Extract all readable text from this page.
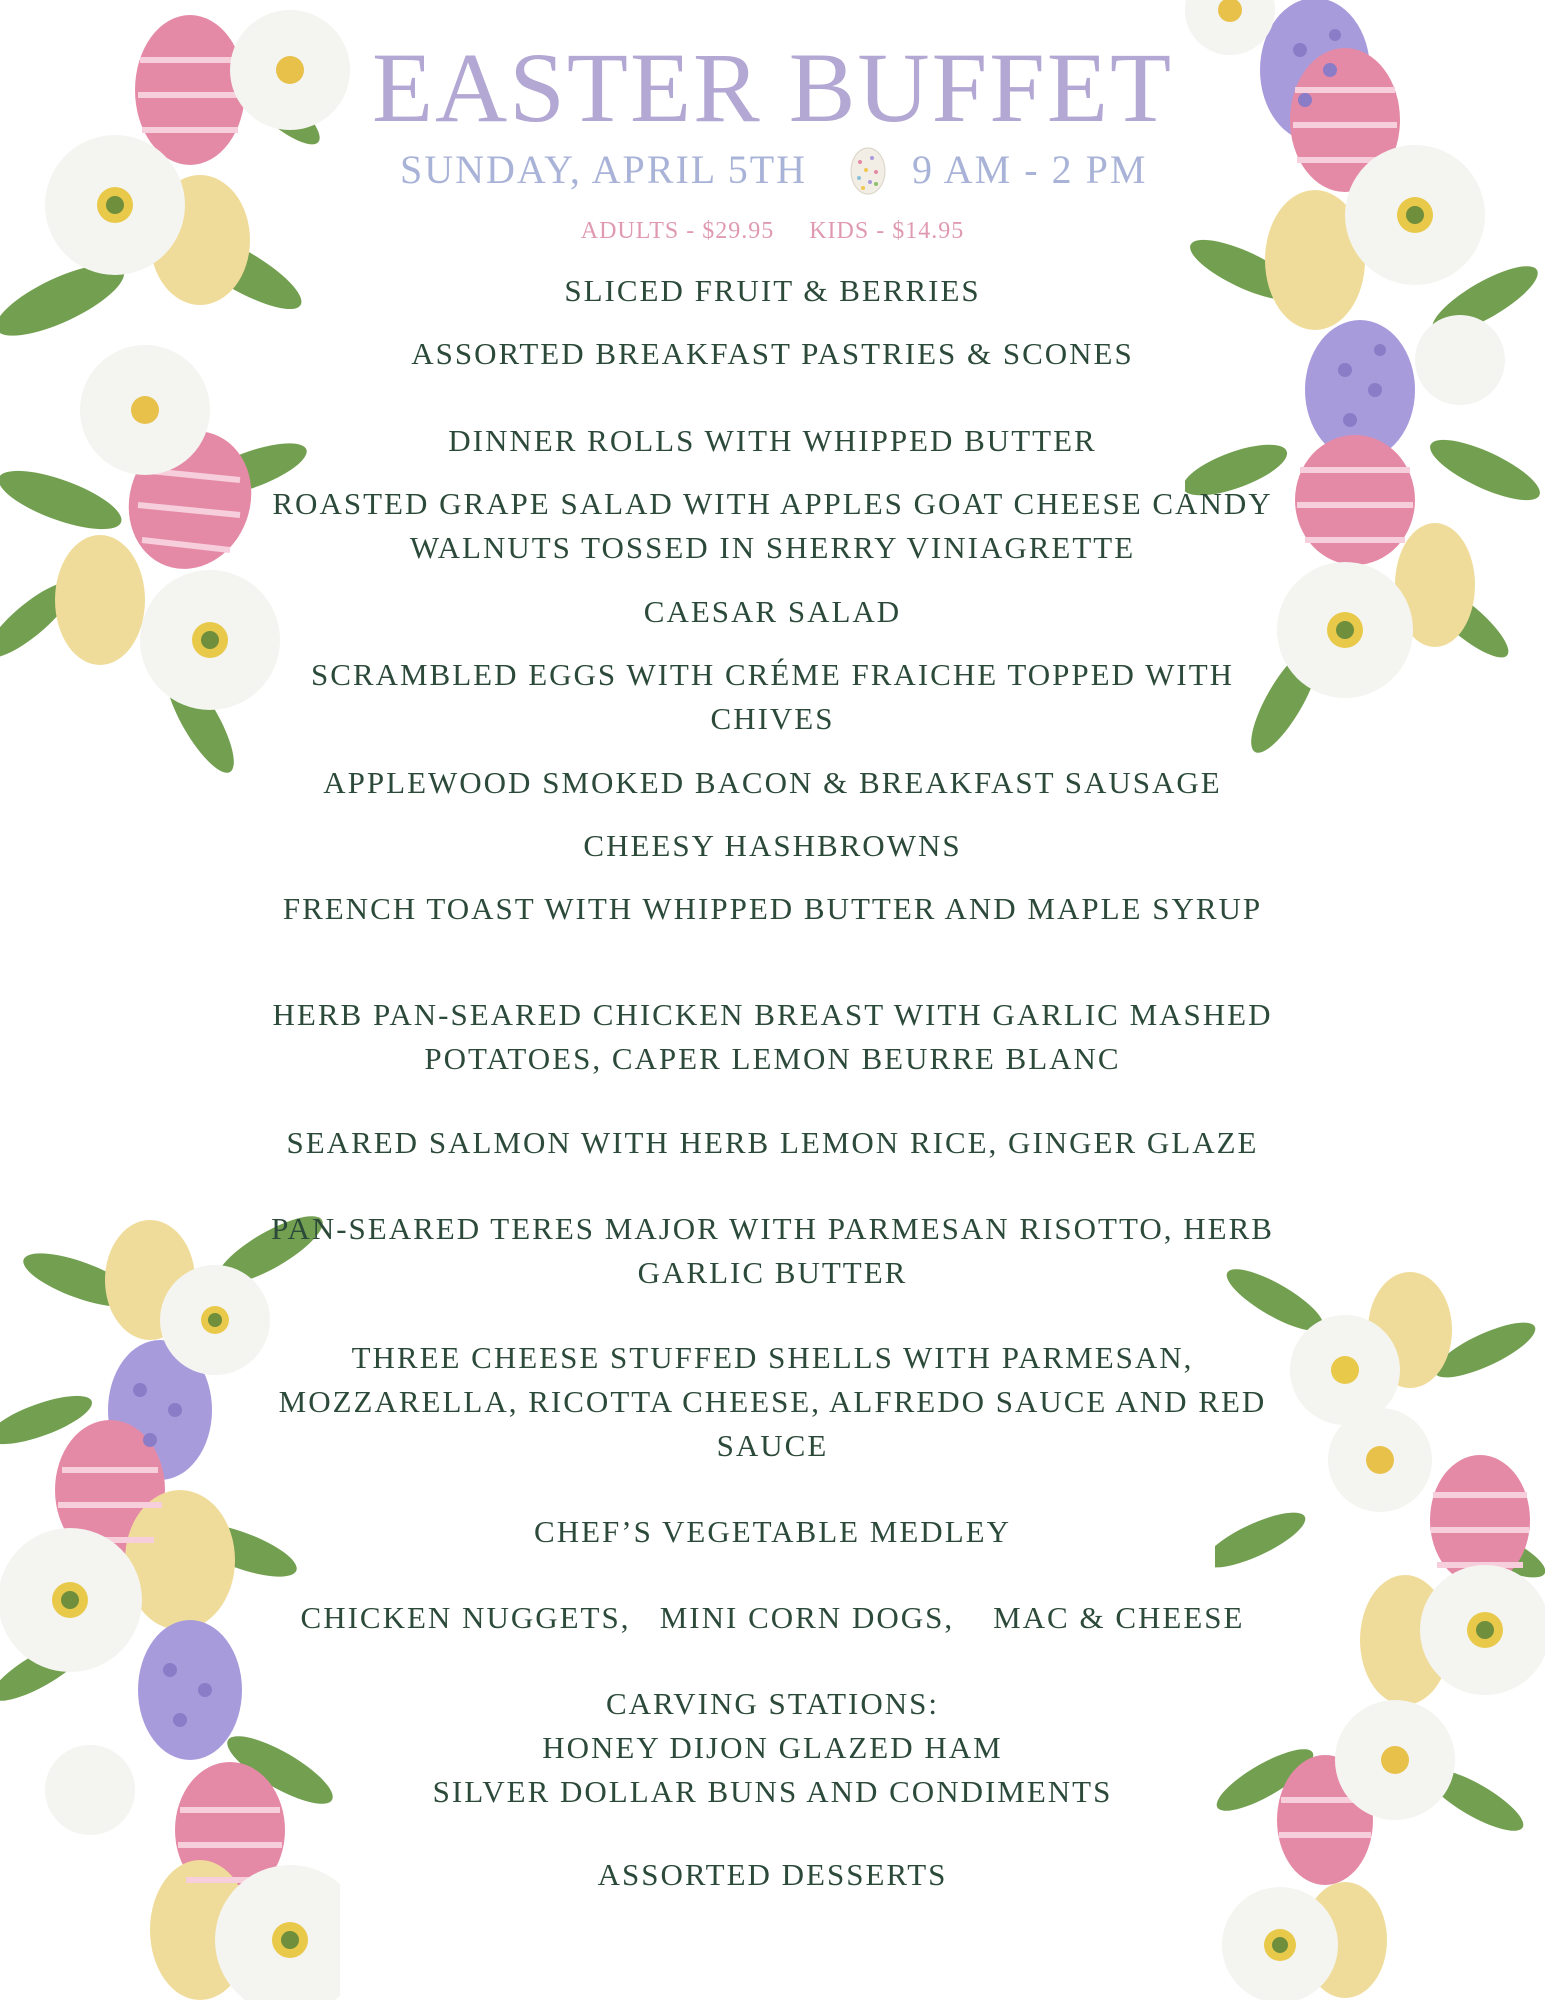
EASTER BUFFET
SUNDAY, APRIL 5TH	9 AM - 2 PM
ADULTS - $29.95 KIDS - $14.95
SLICED FRUIT & BERRIES
ASSORTED BREAKFAST PASTRIES & SCONES
DINNER ROLLS WITH WHIPPED BUTTER
ROASTED GRAPE SALAD WITH APPLES GOAT CHEESE CANDY
WALNUTS TOSSED IN SHERRY VINIAGRETTE
CAESAR SALAD
SCRAMBLED EGGS WITH CRÉME FRAICHE TOPPED WITH
CHIVES
APPLEWOOD SMOKED BACON & BREAKFAST SAUSAGE
CHEESY HASHBROWNS
FRENCH TOAST WITH WHIPPED BUTTER AND MAPLE SYRUP
HERB PAN-SEARED CHICKEN BREAST WITH GARLIC MASHED
POTATOES, CAPER LEMON BEURRE BLANC
SEARED SALMON WITH HERB LEMON RICE, GINGER GLAZE
PAN-SEARED TERES MAJOR WITH PARMESAN RISOTTO, HERB
GARLIC BUTTER
THREE CHEESE STUFFED SHELLS WITH PARMESAN,
MOZZARELLA, RICOTTA CHEESE, ALFREDO SAUCE AND RED
SAUCE
CHEF’S VEGETABLE MEDLEY
CHICKEN NUGGETS,   MINI CORN DOGS,    MAC & CHEESE
CARVING STATIONS:
HONEY DIJON GLAZED HAM
SILVER DOLLAR BUNS AND CONDIMENTS
ASSORTED DESSERTS
